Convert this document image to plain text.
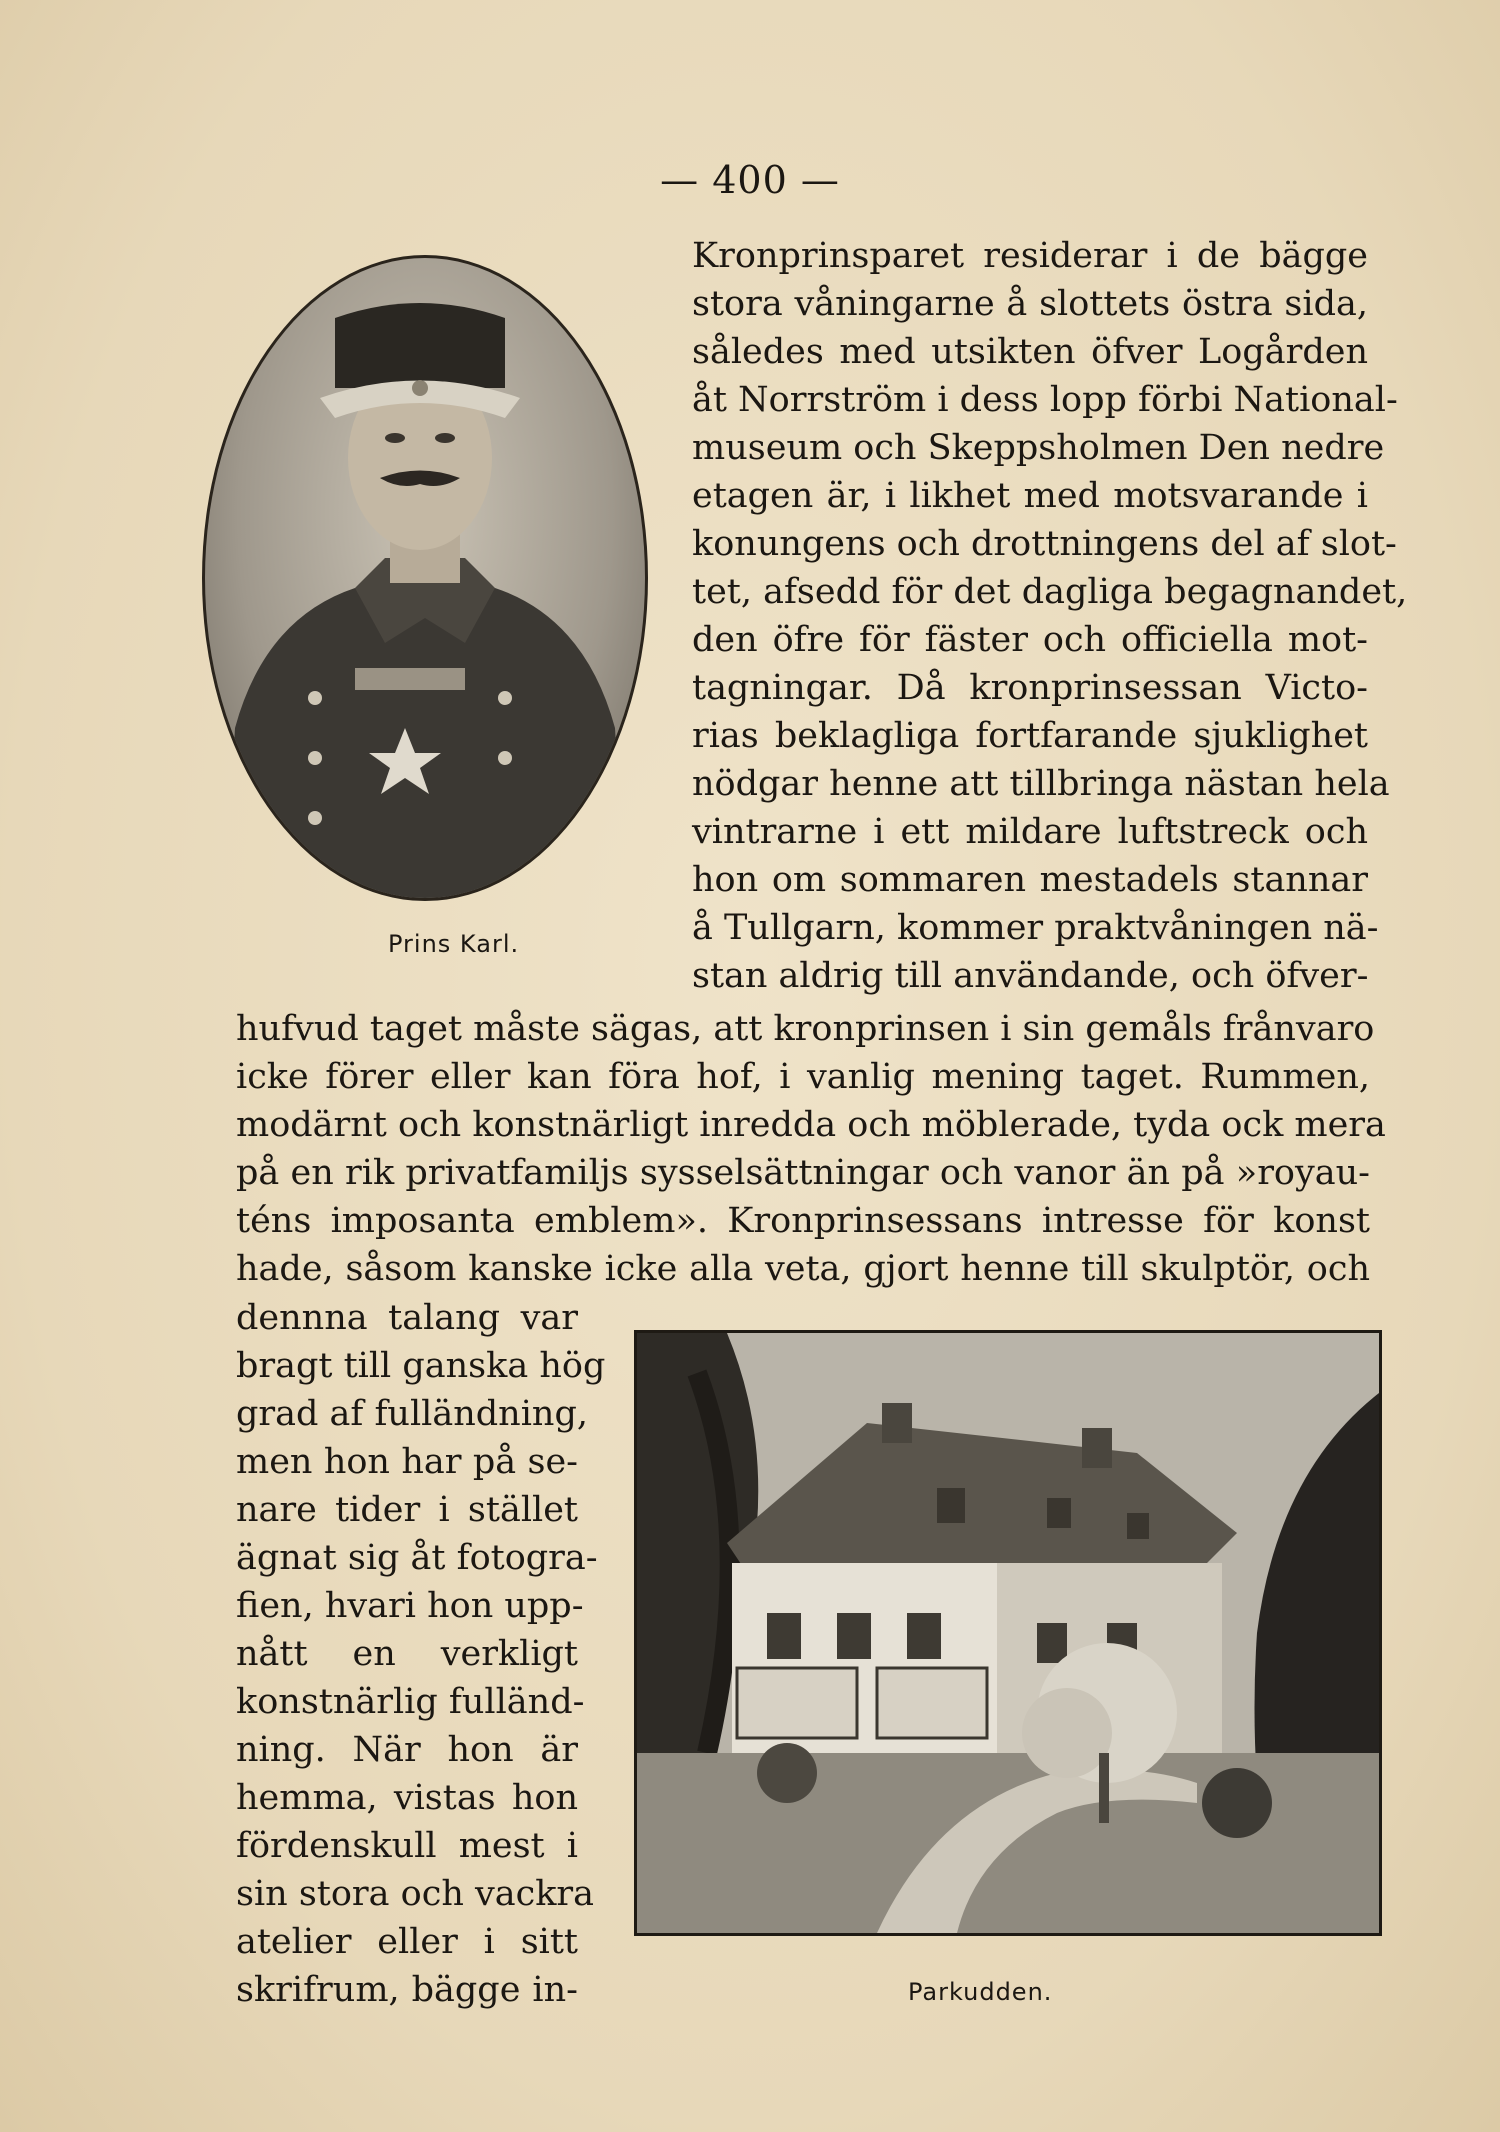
— 400 —
Prins Karl.
Kronprinsparet residerar i de bägge
stora våningarne å slottets östra sida,
således med utsikten öfver Logården
åt Norrström i dess lopp förbi National-
museum och Skeppsholmen Den nedre
etagen är, i likhet med motsvarande i
konungens och drottningens del af slot-
tet, afsedd för det dagliga begagnandet,
den öfre för fäster och officiella mot-
tagningar. Då kronprinsessan Victo-
rias beklagliga fortfarande sjuklighet
nödgar henne att tillbringa nästan hela
vintrarne i ett mildare luftstreck och
hon om sommaren mestadels stannar
å Tullgarn, kommer praktvåningen nä-
stan aldrig till användande, och öfver-
hufvud taget måste sägas, att kronprinsen i sin gemåls frånvaro
icke förer eller kan föra hof, i vanlig mening taget. Rummen,
modärnt och konstnärligt inredda och möblerade, tyda ock mera
på en rik privatfamiljs sysselsättningar och vanor än på »royau-
téns imposanta emblem». Kronprinsessans intresse för konst
hade, såsom kanske icke alla veta, gjort henne till skulptör, och
dennna talang var
bragt till ganska hög
grad af fulländning,
men hon har på se-
nare tider i stället
ägnat sig åt fotogra-
fien, hvari hon upp-
nått en verkligt
konstnärlig fulländ-
ning. När hon är
hemma, vistas hon
fördenskull mest i
sin stora och vackra
atelier eller i sitt
skrifrum, bägge in-	Parkudden.
